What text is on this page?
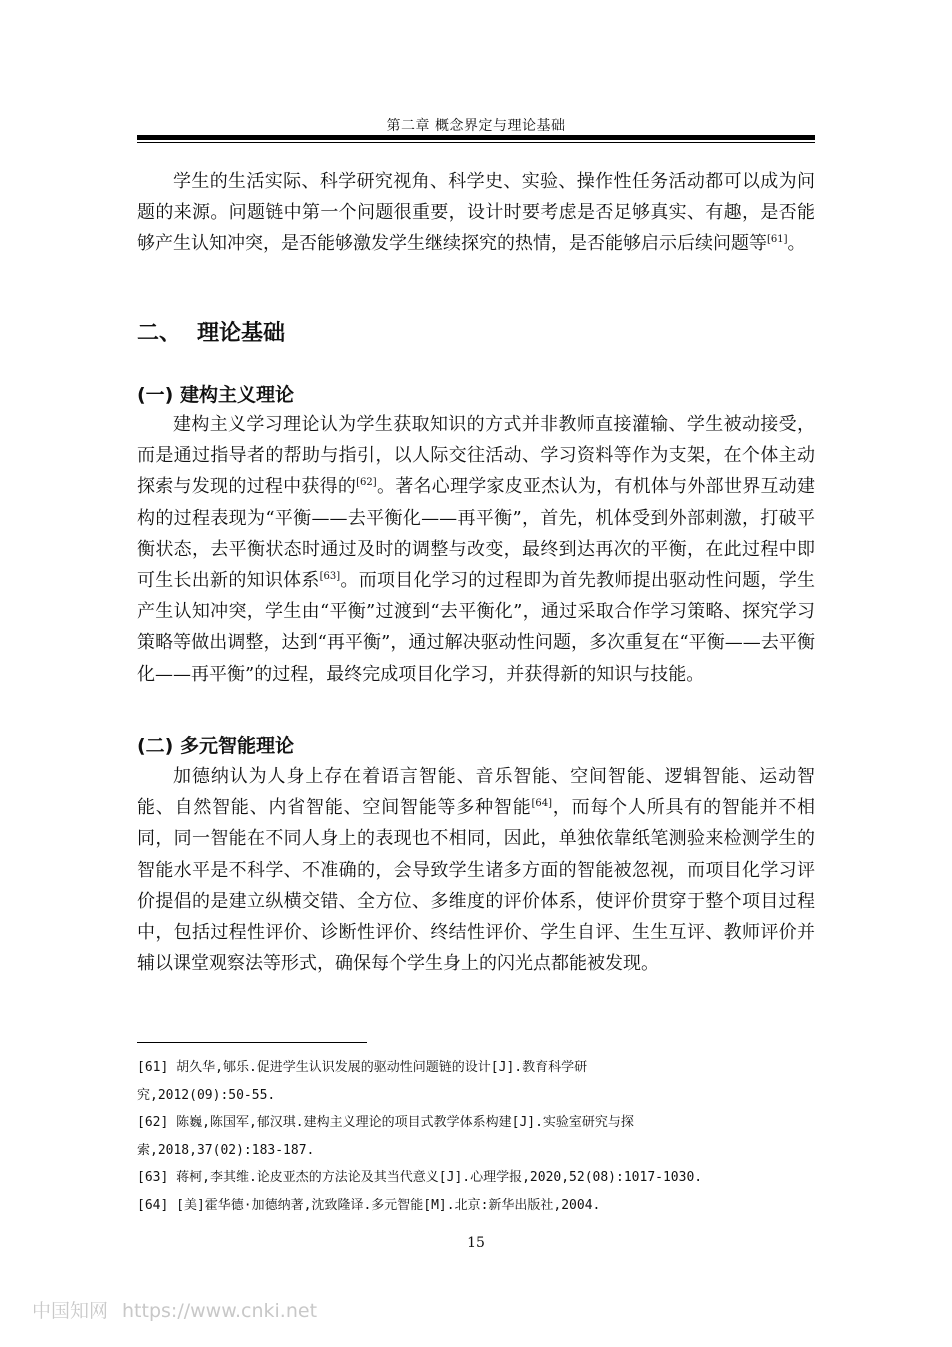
第二章 概念界定与理论基础

学生的生活实际、科学研究视角、科学史、实验、操作性任务活动都可以成为问题的来源。问题链中第一个问题很重要，设计时要考虑是否足够真实、有趣，是否能够产生认知冲突，是否能够激发学生继续探究的热情，是否能够启示后续问题等[61]。

二、 理论基础
(一) 建构主义理论

建构主义学习理论认为学生获取知识的方式并非教师直接灌输、学生被动接受，而是通过指导者的帮助与指引，以人际交往活动、学习资料等作为支架，在个体主动探索与发现的过程中获得的[62]。著名心理学家皮亚杰认为，有机体与外部世界互动建构的过程表现为“平衡——去平衡化——再平衡”，首先，机体受到外部刺激，打破平衡状态，去平衡状态时通过及时的调整与改变，最终到达再次的平衡，在此过程中即可生长出新的知识体系[63]。而项目化学习的过程即为首先教师提出驱动性问题，学生产生认知冲突，学生由“平衡”过渡到“去平衡化”，通过采取合作学习策略、探究学习策略等做出调整，达到“再平衡”，通过解决驱动性问题，多次重复在“平衡——去平衡化——再平衡”的过程，最终完成项目化学习，并获得新的知识与技能。

(二) 多元智能理论

加德纳认为人身上存在着语言智能、音乐智能、空间智能、逻辑智能、运动智能、自然智能、内省智能、空间智能等多种智能[64]，而每个人所具有的智能并不相同，同一智能在不同人身上的表现也不相同，因此，单独依靠纸笔测验来检测学生的智能水平是不科学、不准确的，会导致学生诸多方面的智能被忽视，而项目化学习评价提倡的是建立纵横交错、全方位、多维度的评价体系，使评价贯穿于整个项目过程中，包括过程性评价、诊断性评价、终结性评价、学生自评、生生互评、教师评价并辅以课堂观察法等形式，确保每个学生身上的闪光点都能被发现。

[61] 胡久华,郇乐.促进学生认识发展的驱动性问题链的设计[J].教育科学研

究,2012(09):50-55.

[62] 陈巍,陈国军,郁汉琪.建构主义理论的项目式教学体系构建[J].实验室研究与探

索,2018,37(02):183-187.

[63] 蒋柯,李其维.论皮亚杰的方法论及其当代意义[J].心理学报,2020,52(08):1017-1030.

[64] [美]霍华德·加德纳著,沈致隆译.多元智能[M].北京:新华出版社,2004.

15
中国知网 https://www.cnki.net
